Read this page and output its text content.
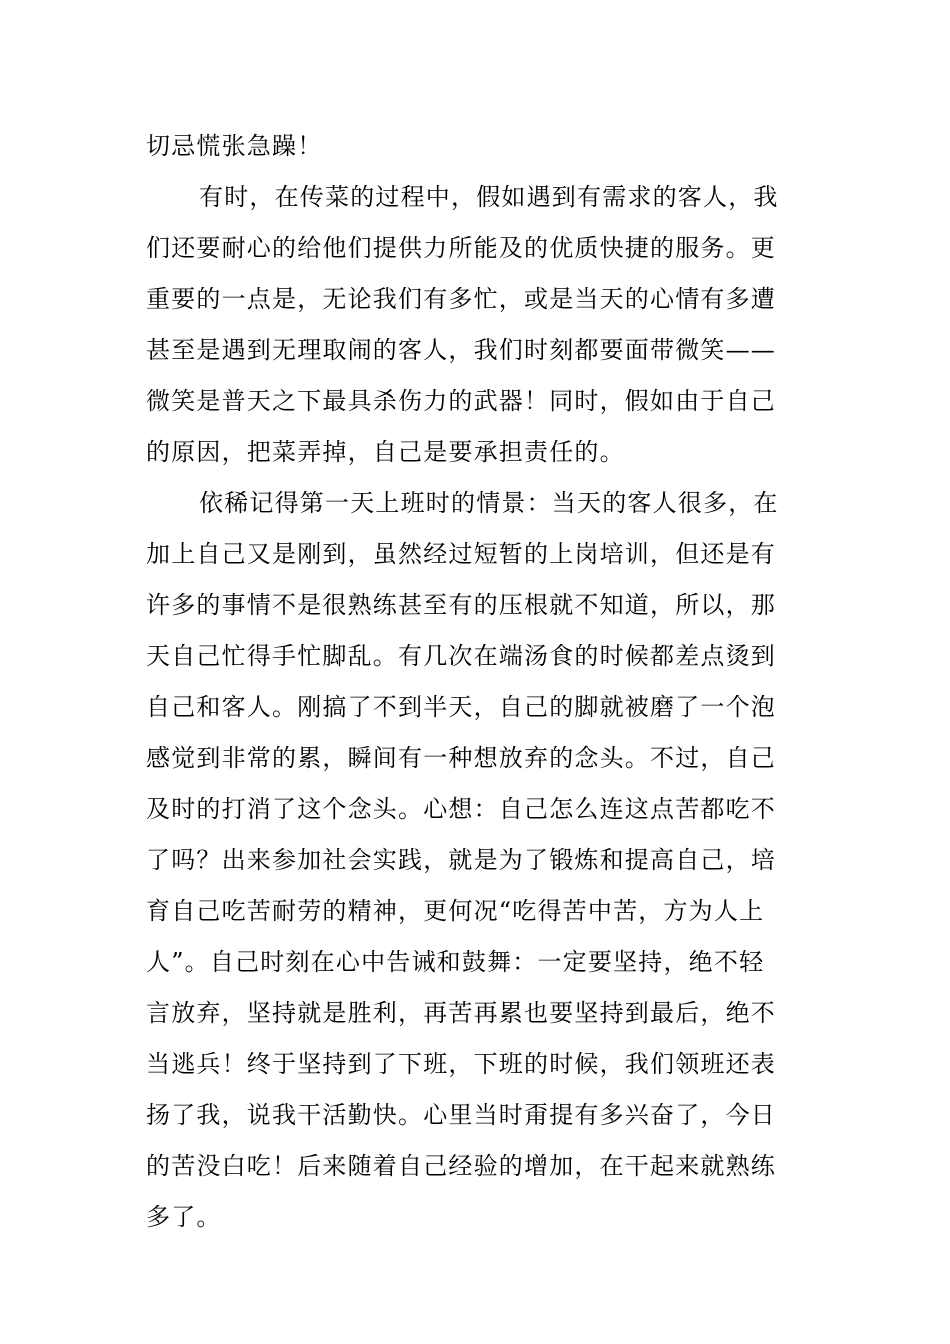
切忌慌张急躁！
有时，在传菜的过程中，假如遇到有需求的客人，我
们还要耐心的给他们提供力所能及的优质快捷的服务。更
重要的一点是，无论我们有多忙，或是当天的心情有多遭
甚至是遇到无理取闹的客人，我们时刻都要面带微笑——
微笑是普天之下最具杀伤力的武器！同时，假如由于自己
的原因，把菜弄掉，自己是要承担责任的。
依稀记得第一天上班时的情景：当天的客人很多，在
加上自己又是刚到，虽然经过短暂的上岗培训，但还是有
许多的事情不是很熟练甚至有的压根就不知道，所以，那
天自己忙得手忙脚乱。有几次在端汤食的时候都差点烫到
自己和客人。刚搞了不到半天，自己的脚就被磨了一个泡
感觉到非常的累，瞬间有一种想放弃的念头。不过，自己
及时的打消了这个念头。心想：自己怎么连这点苦都吃不
了吗？出来参加社会实践，就是为了锻炼和提高自己，培
育自己吃苦耐劳的精神，更何况“吃得苦中苦，方为人上
人”。自己时刻在心中告诫和鼓舞：一定要坚持，绝不轻
言放弃，坚持就是胜利，再苦再累也要坚持到最后，绝不
当逃兵！终于坚持到了下班，下班的时候，我们领班还表
扬了我，说我干活勤快。心里当时甭提有多兴奋了，今日
的苦没白吃！后来随着自己经验的增加，在干起来就熟练
多了。
